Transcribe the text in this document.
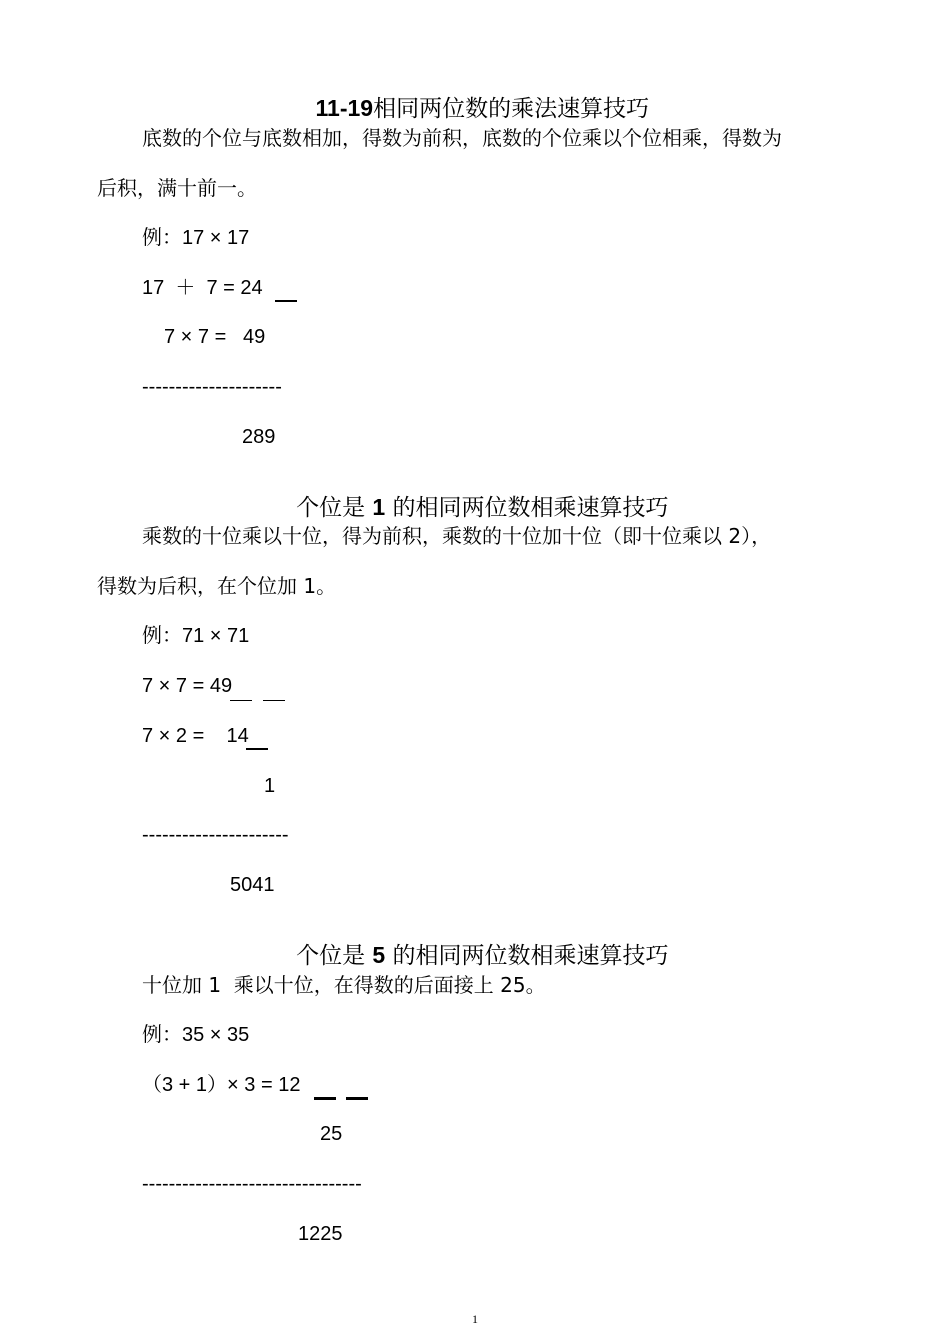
11-19相同两位数的乘法速算技巧

底数的个位与底数相加，得数为前积，底数的个位乘以个位相乘，得数为
后积，满十前一。
例：17 × 17
17  ＋  7 = 24
7 × 7 =   49
---------------------
289

个位是 1 的相同两位数相乘速算技巧

乘数的十位乘以十位，得为前积，乘数的十位加十位（即十位乘以 2），
得数为后积，在个位加 1。
例：71 × 71
7 × 7 = 49
7 × 2 =    14
1
----------------------
5041

个位是 5 的相同两位数相乘速算技巧

十位加 1  乘以十位，在得数的后面接上 25。
例：35 × 35
（3 + 1）× 3 = 12
25
---------------------------------
1225
1
